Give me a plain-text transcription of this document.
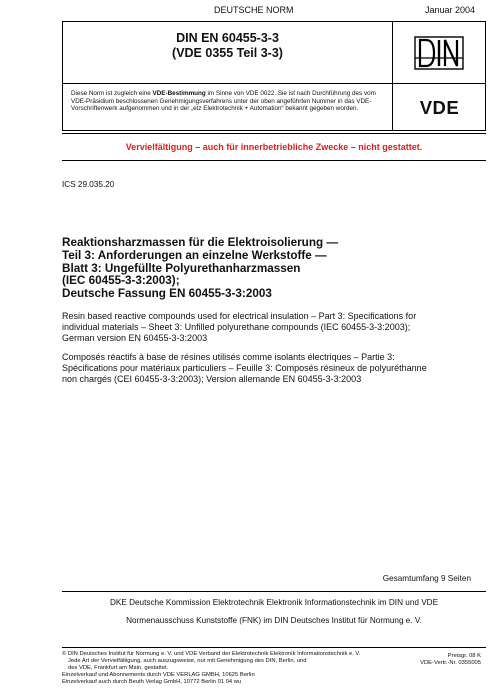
DEUTSCHE NORM	Januar 2004
DIN EN 60455-3-3
(VDE 0355 Teil 3-3)
Diese Norm ist zugleich eine VDE-Bestimmung im Sinne von VDE 0022. Sie ist nach Durchführung des vom VDE-Präsidium beschlossenen Genehmigungsverfahrens unter der oben angeführten Nummer in das VDE-Vorschriftenwerk aufgenommen und in der „etz Elektrotechnik + Automation“ bekannt gegeben worden.	VDE
Vervielfältigung – auch für innerbetriebliche Zwecke – nicht gestattet.
ICS 29.035.20
Reaktionsharzmassen für die Elektroisolierung —
Teil 3: Anforderungen an einzelne Werkstoffe —
Blatt 3: Ungefüllte Polyurethanharzmassen
(IEC 60455-3-3:2003);
Deutsche Fassung EN 60455-3-3:2003
Resin based reactive compounds used for electrical insulation – Part 3: Specifications for
individual materials – Sheet 3: Unfilled polyurethane compounds (IEC 60455-3-3:2003);
German version EN 60455-3-3:2003
Composés réactifs à base de résines utilisés comme isolants électriques – Partie 3:
Spécifications pour matériaux particuliers – Feuille 3: Composés résineux de polyuréthanne
non chargés (CEI 60455-3-3:2003); Version allemande EN 60455-3-3:2003
Gesamtumfang 9 Seiten
DKE Deutsche Kommission Elektrotechnik Elektronik Informationstechnik im DIN und VDE
Normenausschuss Kunststoffe (FNK) im DIN Deutsches Institut für Normung e. V.
© DIN Deutsches Institut für Normung e. V. und VDE Verband der Elektrotechnik Elektronik Informationstechnik e. V.
Jede Art der Vervielfältigung, auch auszugsweise, nur mit Genehmigung des DIN, Berlin, und
des VDE, Frankfurt am Main, gestattet.
Einzelverkauf und Abonnements durch VDE VERLAG GMBH, 10625 Berlin
Einzelverkauf auch durch Beuth Verlag GmbH, 10772 Berlin 01 04 wu
Preisgr. 08 K
VDE-Vertr.-Nr. 0355005
